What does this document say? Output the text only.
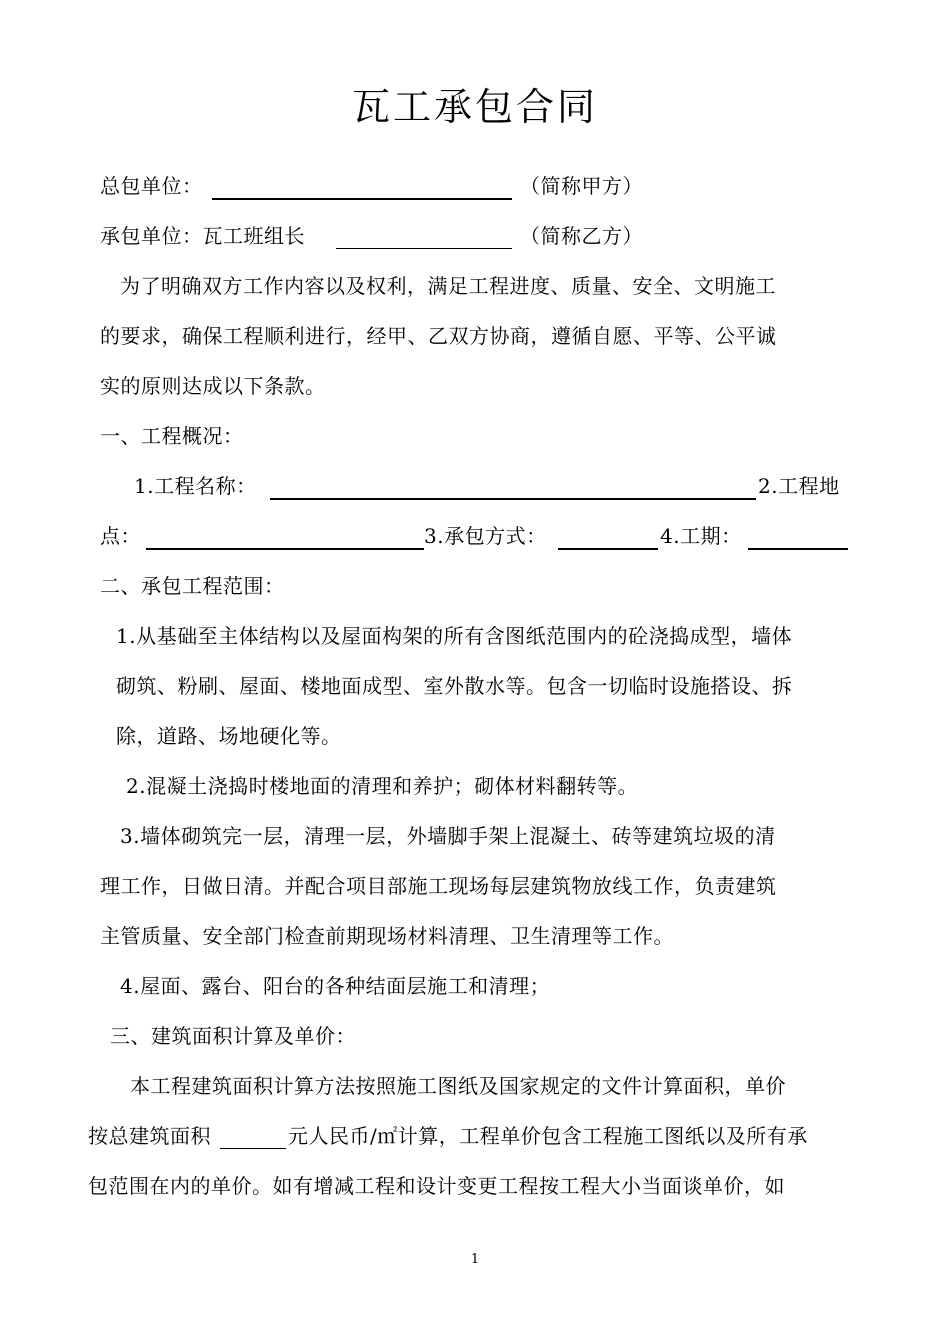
瓦工承包合同
总包单位：	（简称甲方）
承包单位：瓦工班组长	（简称乙方）
为了明确双方工作内容以及权利，满足工程进度、质量、安全、文明施工
的要求，确保工程顺利进行，经甲、乙双方协商，遵循自愿、平等、公平诚
实的原则达成以下条款。
一、工程概况：
1.工程名称：	2.工程地
点：	3.承包方式：	4.工期：
二、承包工程范围：
1.从基础至主体结构以及屋面构架的所有含图纸范围内的砼浇捣成型，墙体
砌筑、粉刷、屋面、楼地面成型、室外散水等。包含一切临时设施搭设、拆
除，道路、场地硬化等。
2.混凝土浇捣时楼地面的清理和养护；砌体材料翻转等。
3.墙体砌筑完一层，清理一层，外墙脚手架上混凝土、砖等建筑垃圾的清
理工作，日做日清。并配合项目部施工现场每层建筑物放线工作，负责建筑
主管质量、安全部门检查前期现场材料清理、卫生清理等工作。
4.屋面、露台、阳台的各种结面层施工和清理；
三、建筑面积计算及单价：
本工程建筑面积计算方法按照施工图纸及国家规定的文件计算面积，单价
按总建筑面积	元人民币/㎡计算，工程单价包含工程施工图纸以及所有承
包范围在内的单价。如有增减工程和设计变更工程按工程大小当面谈单价，如
1
